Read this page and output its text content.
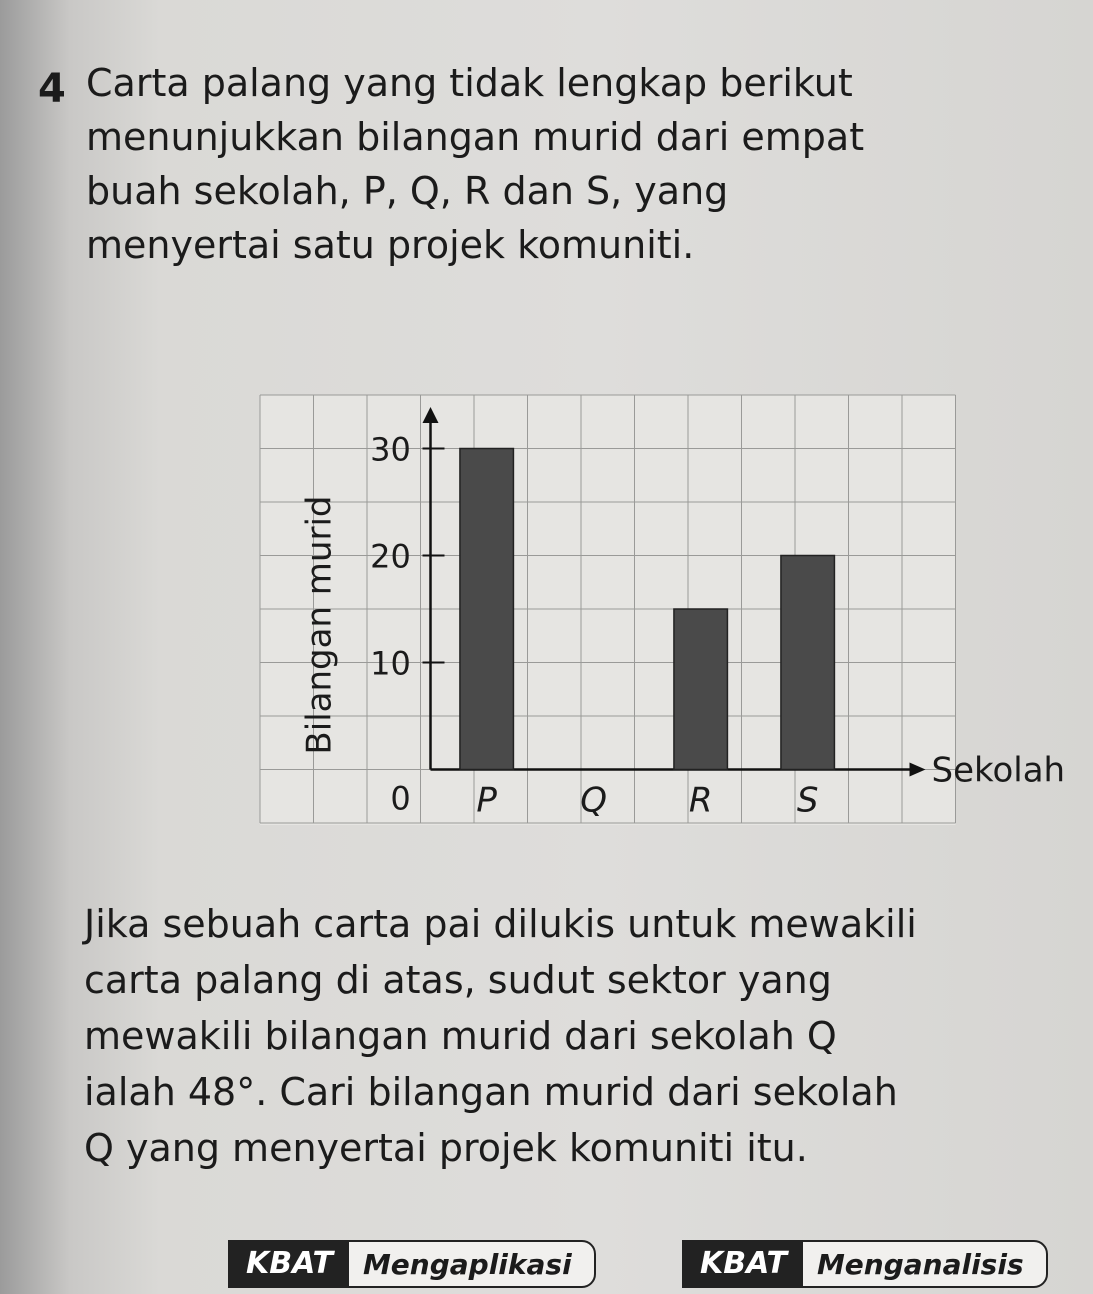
4 Carta palang yang tidak lengkap berikut
menunjukkan bilangan murid dari empat
buah sekolah, P, Q, R dan S, yang
menyertai satu projek komuniti.
0
10
20
30
P Q R S
Sekolah
Bilangan murid
Jika sebuah carta pai dilukis untuk mewakili
carta palang di atas, sudut sektor yang
mewakili bilangan murid dari sekolah Q
ialah 48°. Cari bilangan murid dari sekolah
Q yang menyertai projek komuniti itu.
KBAT	Mengaplikasi	KBAT	Menganalisis
